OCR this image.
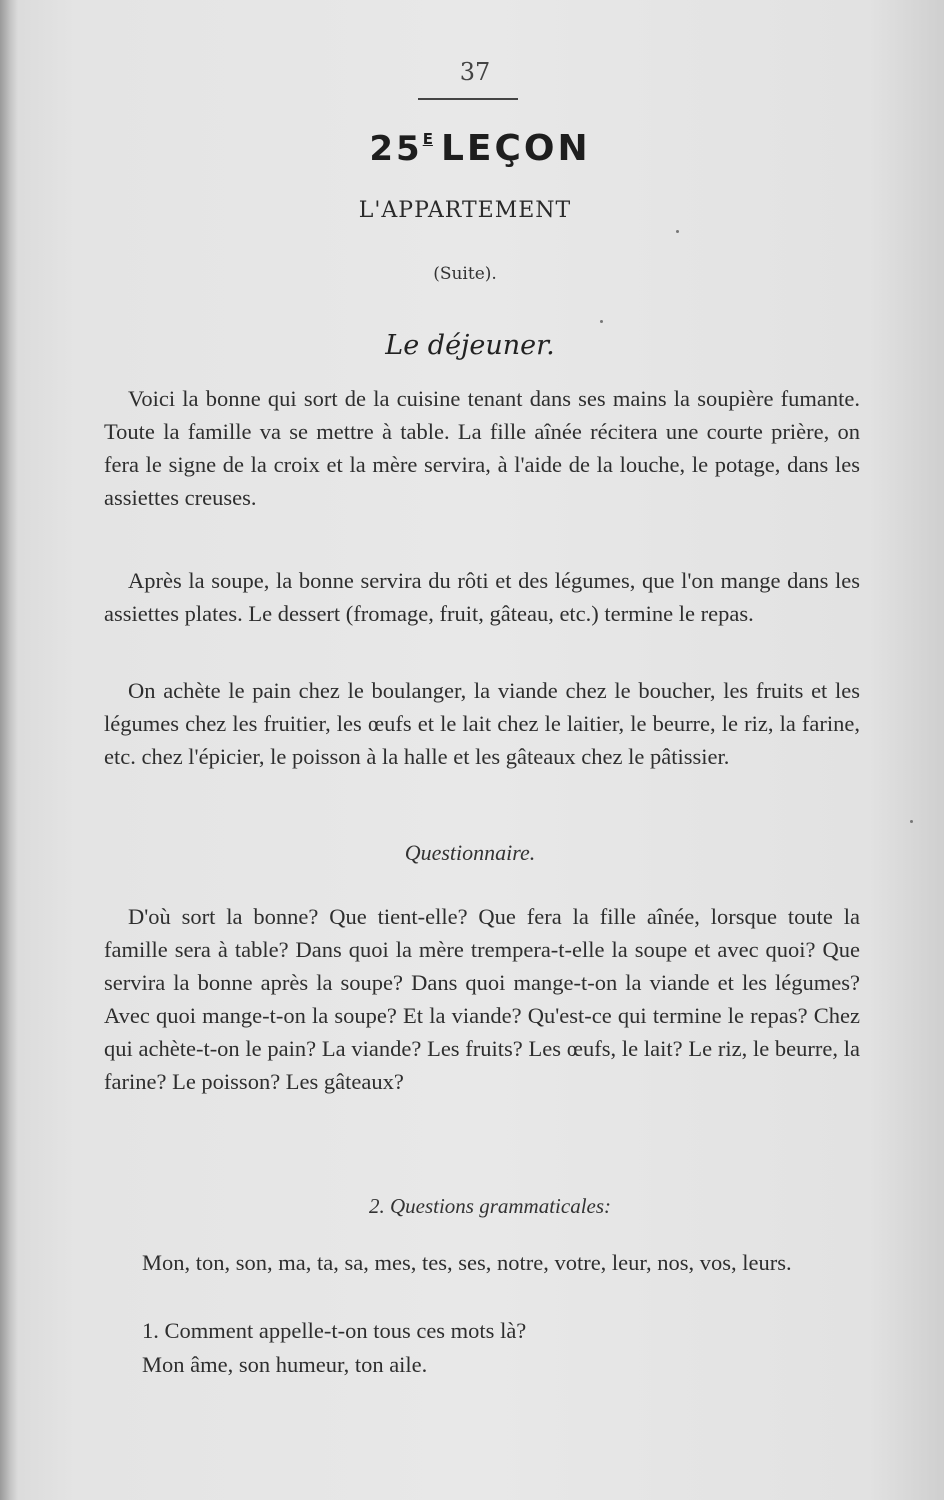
37
$25^E$ LEÇON
L'APPARTEMENT
(Suite).
Le déjeuner.
Voici la bonne qui sort de la cuisine tenant dans ses mains la soupière fumante. Toute la famille va se mettre à table. La fille aînée récitera une courte prière, on fera le signe de la croix et la mère servira, à l'aide de la louche, le potage, dans les assiettes creuses.
Après la soupe, la bonne servira du rôti et des légumes, que l'on mange dans les assiettes plates. Le dessert (fromage, fruit, gâteau, etc.) termine le repas.
On achète le pain chez le boulanger, la viande chez le boucher, les fruits et les légumes chez les fruitier, les œufs et le lait chez le laitier, le beurre, le riz, la farine, etc. chez l'épicier, le poisson à la halle et les gâteaux chez le pâtissier.
Questionnaire.
D'où sort la bonne? Que tient-elle? Que fera la fille aînée, lorsque toute la famille sera à table? Dans quoi la mère trempera-t-elle la soupe et avec quoi? Que servira la bonne après la soupe? Dans quoi mange-t-on la viande et les légumes? Avec quoi mange-t-on la soupe? Et la viande? Qu'est-ce qui termine le repas? Chez qui achète-t-on le pain? La viande? Les fruits? Les œufs, le lait? Le riz, le beurre, la farine? Le poisson? Les gâteaux?
2. Questions grammaticales:
Mon, ton, son, ma, ta, sa, mes, tes, ses, notre, votre, leur, nos, vos, leurs.
1. Comment appelle-t-on tous ces mots là?
Mon âme, son humeur, ton aile.
